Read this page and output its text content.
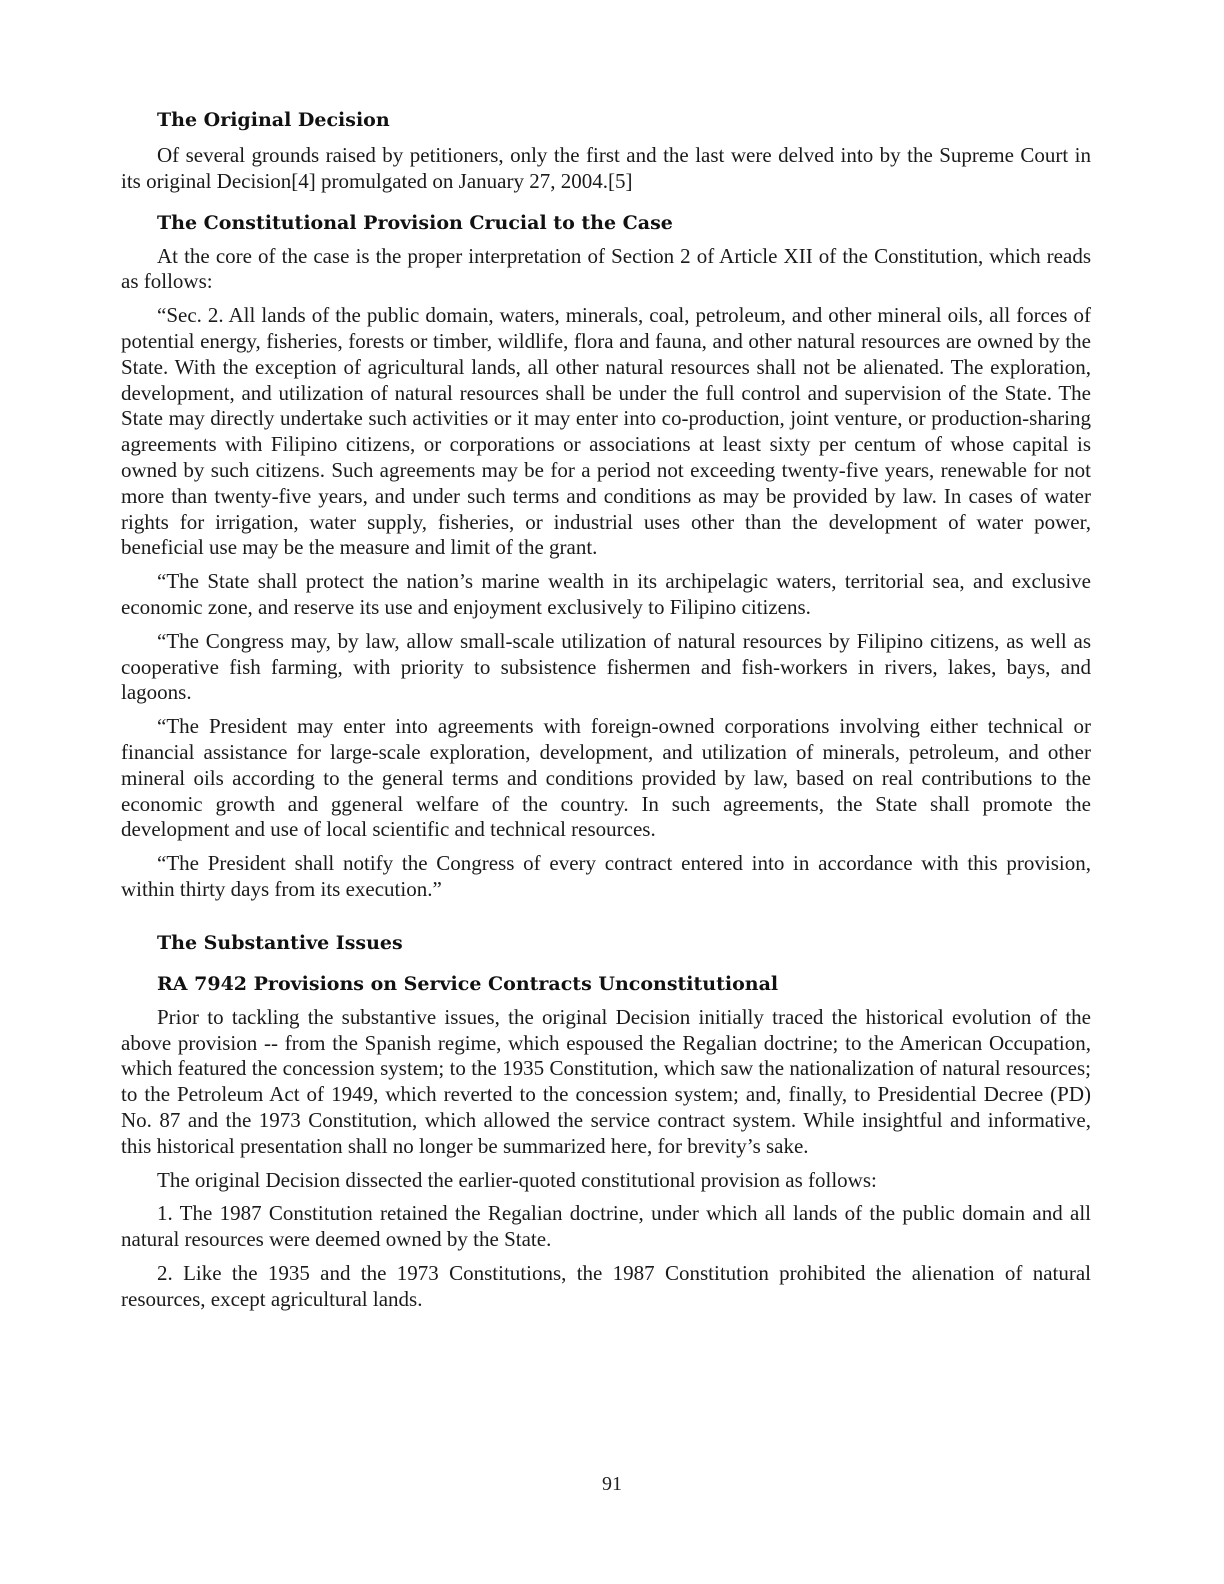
The Original Decision

Of several grounds raised by petitioners, only the first and the last were delved into by the Supreme Court in its original Decision[4] promulgated on January 27, 2004.[5]

The Constitutional Provision Crucial to the Case

At the core of the case is the proper interpretation of Section 2 of Article XII of the Constitution, which reads as follows:

“Sec. 2. All lands of the public domain, waters, minerals, coal, petroleum, and other mineral oils, all forces of potential energy, fisheries, forests or timber, wildlife, flora and fauna, and other natural resources are owned by the State. With the exception of agricultural lands, all other natural resources shall not be alienated. The exploration, development, and utilization of natural resources shall be under the full control and supervision of the State. The State may directly undertake such activities or it may enter into co-production, joint venture, or production-sharing agreements with Filipino citizens, or corporations or associations at least sixty per centum of whose capital is owned by such citizens. Such agreements may be for a period not exceeding twenty-five years, renewable for not more than twenty-five years, and under such terms and conditions as may be provided by law. In cases of water rights for irrigation, water supply, fisheries, or industrial uses other than the development of water power, beneficial use may be the measure and limit of the grant.

“The State shall protect the nation’s marine wealth in its archipelagic waters, territorial sea, and exclusive economic zone, and reserve its use and enjoyment exclusively to Filipino citizens.

“The Congress may, by law, allow small-scale utilization of natural resources by Filipino citizens, as well as cooperative fish farming, with priority to subsistence fishermen and fish-workers in rivers, lakes, bays, and lagoons.

“The President may enter into agreements with foreign-owned corporations involving either technical or financial assistance for large-scale exploration, development, and utilization of minerals, petroleum, and other mineral oils according to the general terms and conditions provided by law, based on real contributions to the economic growth and ggeneral welfare of the country. In such agreements, the State shall promote the development and use of local scientific and technical resources.

“The President shall notify the Congress of every contract entered into in accordance with this provision, within thirty days from its execution.”

The Substantive Issues
RA 7942 Provisions on Service Contracts Unconstitutional

Prior to tackling the substantive issues, the original Decision initially traced the historical evolution of the above provision -- from the Spanish regime, which espoused the Regalian doctrine; to the American Occupation, which featured the concession system; to the 1935 Constitution, which saw the nationalization of natural resources; to the Petroleum Act of 1949, which reverted to the concession system; and, finally, to Presidential Decree (PD) No. 87 and the 1973 Constitution, which allowed the service contract system. While insightful and informative, this historical presentation shall no longer be summarized here, for brevity’s sake.

The original Decision dissected the earlier-quoted constitutional provision as follows:

1. The 1987 Constitution retained the Regalian doctrine, under which all lands of the public domain and all natural resources were deemed owned by the State.

2. Like the 1935 and the 1973 Constitutions, the 1987 Constitution prohibited the alienation of natural resources, except agricultural lands.

91
